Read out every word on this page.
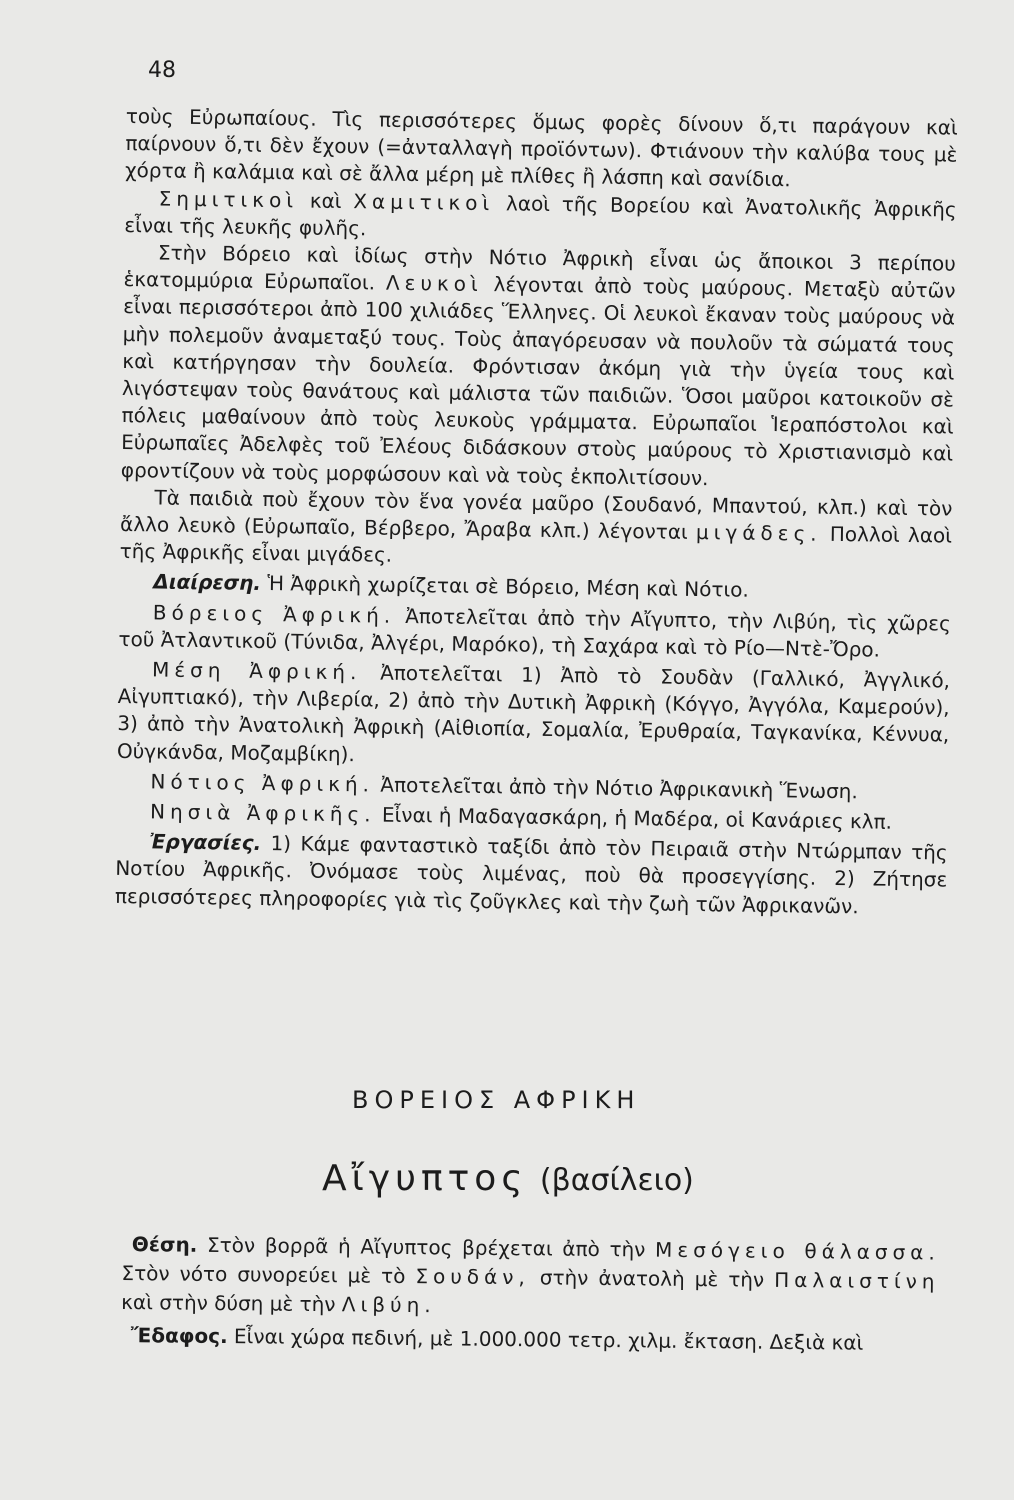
48

τοὺς Εὐρωπαίους. Τὶς περισσότερες ὅμως φορὲς δίνουν ὅ,τι παράγουν καὶ παίρνουν ὅ,τι δὲν ἔχουν (=ἀνταλλαγὴ προϊόντων). Φτιάνουν τὴν καλύβα τους μὲ χόρτα ἢ καλάμια καὶ σὲ ἄλλα μέρη μὲ πλίθες ἢ λάσπη καὶ σανίδια.

Σημιτικοὶ καὶ Χαμιτικοὶ λαοὶ τῆς Βορείου καὶ Ἀνατολικῆς Ἀφρικῆς εἶναι τῆς λευκῆς φυλῆς.

Στὴν Βόρειο καὶ ἰδίως στὴν Νότιο Ἀφρικὴ εἶναι ὡς ἄποικοι 3 περίπου ἑκατομμύρια Εὐρωπαῖοι. Λευκοὶ λέγονται ἀπὸ τοὺς μαύρους. Μεταξὺ αὐτῶν εἶναι περισσότεροι ἀπὸ 100 χιλιάδες Ἕλληνες. Οἱ λευκοὶ ἔκαναν τοὺς μαύρους νὰ μὴν πολεμοῦν ἀναμεταξύ τους. Τοὺς ἀπαγόρευσαν νὰ πουλοῦν τὰ σώματά τους καὶ κατήργησαν τὴν δουλεία. Φρόντισαν ἀκόμη γιὰ τὴν ὑγεία τους καὶ λιγόστεψαν τοὺς θανάτους καὶ μάλιστα τῶν παιδιῶν. Ὅσοι μαῦροι κατοικοῦν σὲ πόλεις μαθαίνουν ἀπὸ τοὺς λευκοὺς γράμματα. Εὐρωπαῖοι Ἱεραπόστολοι καὶ Εὐρωπαῖες Ἀδελφὲς τοῦ Ἐλέους διδάσκουν στοὺς μαύρους τὸ Χριστιανισμὸ καὶ φροντίζουν νὰ τοὺς μορφώσουν καὶ νὰ τοὺς ἐκπολιτίσουν.

Τὰ παιδιὰ ποὺ ἔχουν τὸν ἕνα γονέα μαῦρο (Σουδανό, Μπαντού, κλπ.) καὶ τὸν ἄλλο λευκὸ (Εὐρωπαῖο, Βέρβερο, Ἄραβα κλπ.) λέγονται μιγάδες. Πολλοὶ λαοὶ τῆς Ἀφρικῆς εἶναι μιγάδες.

Διαίρεση. Ἡ Ἀφρικὴ χωρίζεται σὲ Βόρειο, Μέση καὶ Νότιο.

Βόρειος Ἀφρική. Ἀποτελεῖται ἀπὸ τὴν Αἴγυπτο, τὴν Λιβύη, τὶς χῶρες τοῦ Ἀτλαντικοῦ (Τύνιδα, Ἀλγέρι, Μαρόκο), τὴ Σαχάρα καὶ τὸ Ρίο—Ντὲ-Ὄρο.

Μέση Ἀφρική. Ἀποτελεῖται 1) Ἀπὸ τὸ Σουδὰν (Γαλλικό, Ἀγγλικό, Αἰγυπτιακό), τὴν Λιβερία, 2) ἀπὸ τὴν Δυτικὴ Ἀφρικὴ (Κόγγο, Ἀγγόλα, Καμερούν), 3) ἀπὸ τὴν Ἀνατολικὴ Ἀφρικὴ (Αἰθιοπία, Σομαλία, Ἐρυθραία, Ταγκανίκα, Κέννυα, Οὐγκάνδα, Μοζαμβίκη).

Νότιος Ἀφρική. Ἀποτελεῖται ἀπὸ τὴν Νότιο Ἀφρικανικὴ Ἕνωση.

Νησιὰ Ἀφρικῆς. Εἶναι ἡ Μαδαγασκάρη, ἡ Μαδέρα, οἱ Κανάριες κλπ.

Ἐργασίες. 1) Κάμε φανταστικὸ ταξίδι ἀπὸ τὸν Πειραιᾶ στὴν Ντώρμπαν τῆς Νοτίου Ἀφρικῆς. Ὀνόμασε τοὺς λιμένας, ποὺ θὰ προσεγγίσης. 2) Ζήτησε περισσότερες πληροφορίες γιὰ τὶς ζοῦγκλες καὶ τὴν ζωὴ τῶν Ἀφρικανῶν.

ΒΟΡΕΙΟΣ ΑΦΡΙΚΗ
Αἴγυπτος (βασίλειο)

Θέση. Στὸν βορρᾶ ἡ Αἴγυπτος βρέχεται ἀπὸ τὴν Μεσόγειο θάλασσα. Στὸν νότο συνορεύει μὲ τὸ Σουδάν, στὴν ἀνατολὴ μὲ τὴν Παλαιστίνη καὶ στὴν δύση μὲ τὴν Λιβύη.

Ἔδαφος. Εἶναι χώρα πεδινή, μὲ 1.000.000 τετρ. χιλμ. ἔκταση. Δεξιὰ καὶ
